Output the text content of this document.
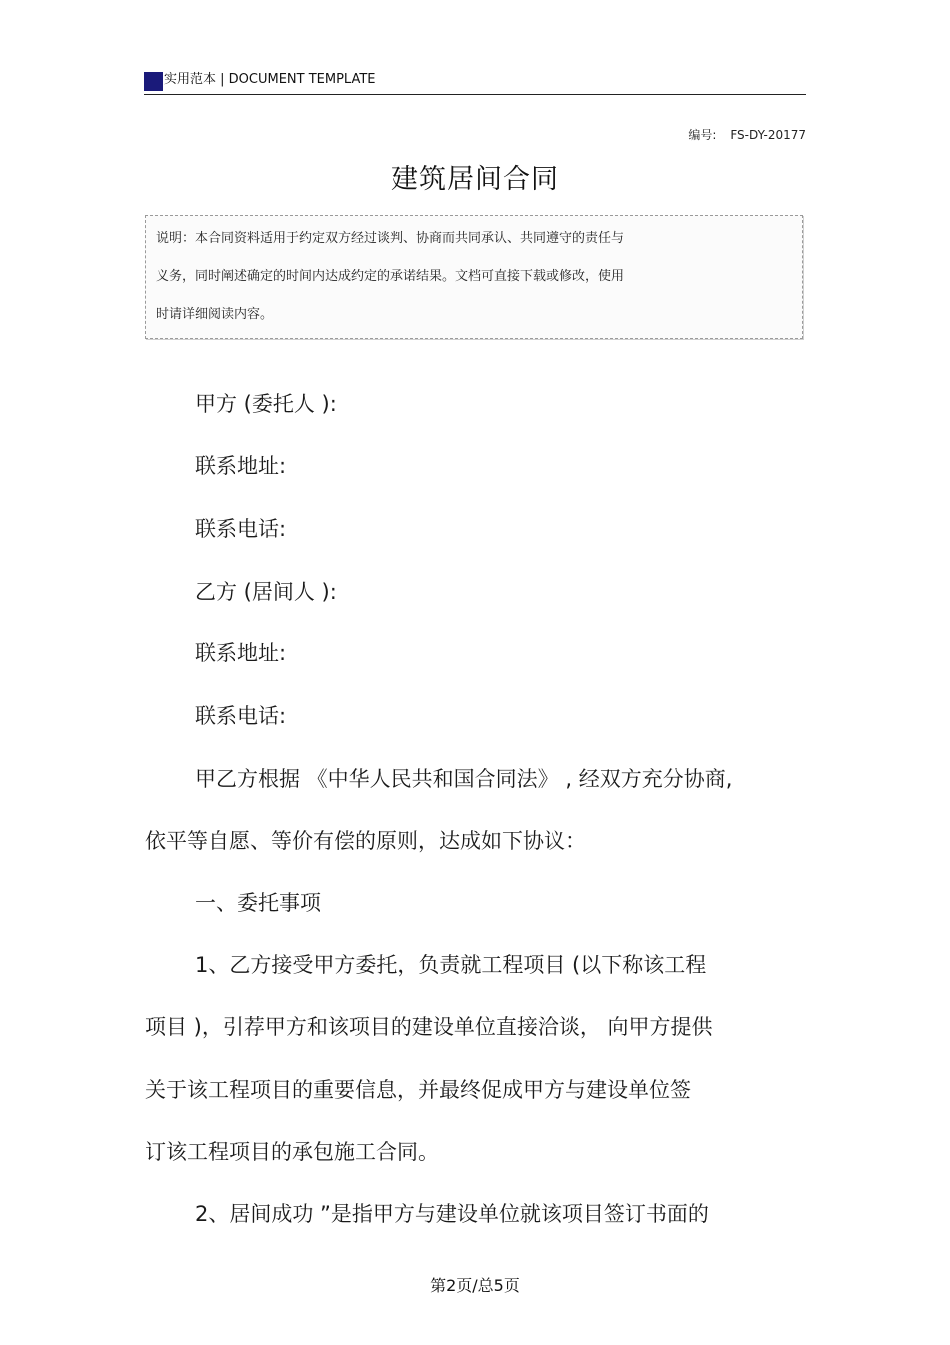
实用范本 | DOCUMENT TEMPLATE
编号: FS-DY-20177
建筑居间合同
说明：本合同资料适用于约定双方经过谈判、协商而共同承认、共同遵守的责任与
义务，同时阐述确定的时间内达成约定的承诺结果。文档可直接下载或修改，使用
时请详细阅读内容。
甲方 (委托人 ):
联系地址:
联系电话:
乙方 (居间人 ):
联系地址:
联系电话:
甲乙方根据 《中华人民共和国合同法》 , 经双方充分协商,
依平等自愿、等价有偿的原则，达成如下协议：
一、委托事项
1、乙方接受甲方委托，负责就工程项目 (以下称该工程
项目 )，引荐甲方和该项目的建设单位直接洽谈， 向甲方提供
关于该工程项目的重要信息，并最终促成甲方与建设单位签
订该工程项目的承包施工合同。
2、居间成功 ”是指甲方与建设单位就该项目签订书面的
第2页/总5页
